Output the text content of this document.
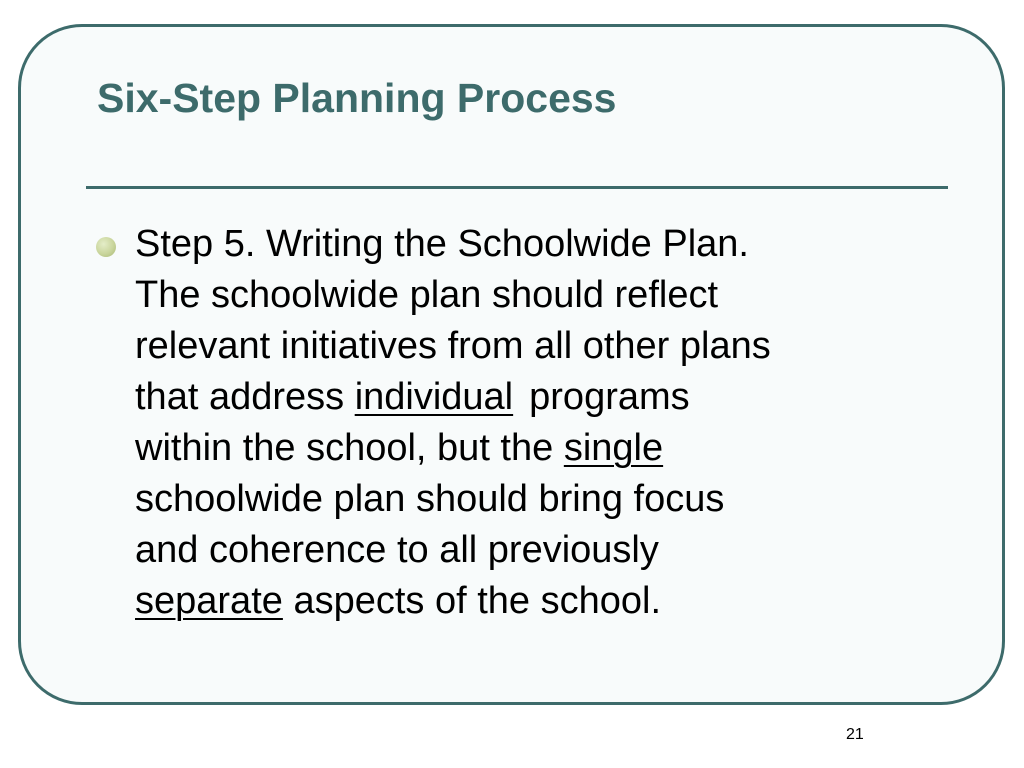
Six-Step Planning Process

Step 5. Writing the Schoolwide Plan.
The schoolwide plan should reflect
relevant initiatives from all other plans
that address individual programs
within the school, but the single
schoolwide plan should bring focus
and coherence to all previously
separate aspects of the school.

21
